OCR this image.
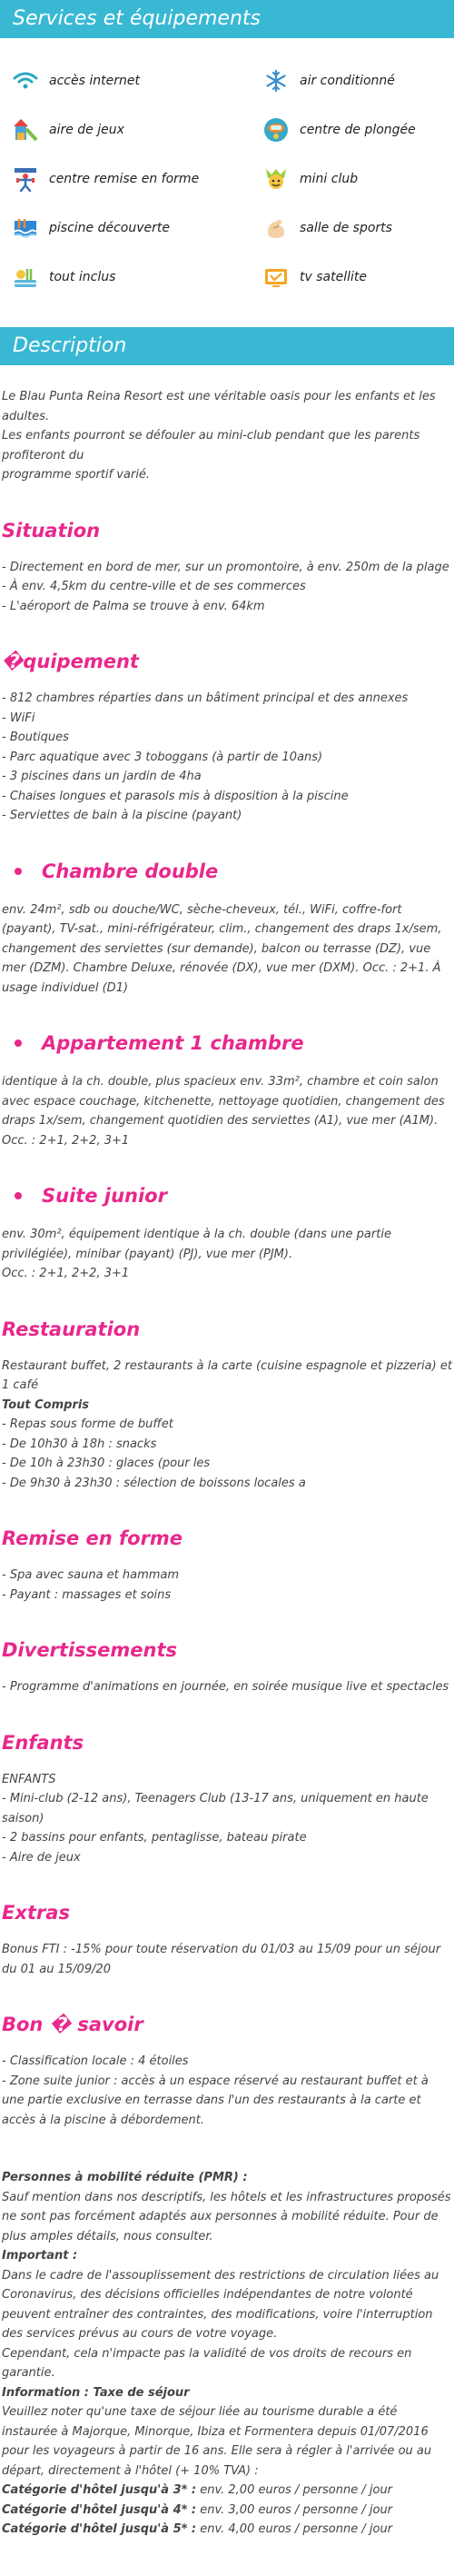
Services et équipements
accès internet	air conditionné
aire de jeux	centre de plongée
centre remise en forme	mini club
piscine découverte	salle de sports
tout inclus	tv satellite
Description

Le Blau Punta Reina Resort est une véritable oasis pour les enfants et les adultes.

Les enfants pourront se défouler au mini-club pendant que les parents profiteront du

programme sportif varié.

Situation

- Directement en bord de mer, sur un promontoire, à env. 250m de la plage

- À env. 4,5km du centre-ville et de ses commerces

- L'aéroport de Palma se trouve à env. 64km

�quipement

- 812 chambres réparties dans un bâtiment principal et des annexes

- WiFi

- Boutiques

- Parc aquatique avec 3 toboggans (à partir de 10ans)

- 3 piscines dans un jardin de 4ha

- Chaises longues et parasols mis à disposition à la piscine

- Serviettes de bain à la piscine (payant)

Chambre double

env. 24m², sdb ou douche/WC, sèche-cheveux, tél., WiFi, coffre-fort (payant), TV-sat., mini-réfrigérateur, clim., changement des draps 1x/sem, changement des serviettes (sur demande), balcon ou terrasse (DZ), vue mer (DZM). Chambre Deluxe, rénovée (DX), vue mer (DXM). Occ. : 2+1. À usage individuel (D1)

Appartement 1 chambre

identique à la ch. double, plus spacieux env. 33m², chambre et coin salon avec espace couchage, kitchenette, nettoyage quotidien, changement des draps 1x/sem, changement quotidien des serviettes (A1), vue mer (A1M).

Occ. : 2+1, 2+2, 3+1

Suite junior

env. 30m², équipement identique à la ch. double (dans une partie privilégiée), minibar (payant) (PJ), vue mer (PJM).

Occ. : 2+1, 2+2, 3+1

Restauration

Restaurant buffet, 2 restaurants à la carte (cuisine espagnole et pizzeria) et 1 café

Tout Compris

- Repas sous forme de buffet

- De 10h30 à 18h : snacks

- De 10h à 23h30 : glaces (pour les

- De 9h30 à 23h30 : sélection de boissons locales a

Remise en forme

- Spa avec sauna et hammam

- Payant : massages et soins

Divertissements

- Programme d'animations en journée, en soirée musique live et spectacles

Enfants

ENFANTS

- Mini-club (2-12 ans), Teenagers Club (13-17 ans, uniquement en haute saison)

- 2 bassins pour enfants, pentaglisse, bateau pirate

- Aire de jeux

Extras

Bonus FTI : -15% pour toute réservation du 01/03 au 15/09 pour un séjour du 01 au 15/09/20

Bon � savoir

- Classification locale : 4 étoiles

- Zone suite junior : accès à un espace réservé au restaurant buffet et à une partie exclusive en terrasse dans l'un des restaurants à la carte et accès à la piscine à débordement.

Personnes à mobilité réduite (PMR) :

Sauf mention dans nos descriptifs, les hôtels et les infrastructures proposés ne sont pas forcément adaptés aux personnes à mobilité réduite. Pour de plus amples détails, nous consulter.

Important :

Dans le cadre de l'assouplissement des restrictions de circulation liées au Coronavirus, des décisions officielles indépendantes de notre volonté peuvent entraîner des contraintes, des modifications, voire l'interruption des services prévus au cours de votre voyage.

Cependant, cela n'impacte pas la validité de vos droits de recours en garantie.

Information : Taxe de séjour

Veuillez noter qu'une taxe de séjour liée au tourisme durable a été instaurée à Majorque, Minorque, Ibiza et Formentera depuis 01/07/2016 pour les voyageurs à partir de 16 ans. Elle sera à régler à l'arrivée ou au départ, directement à l'hôtel (+ 10% TVA) :

Catégorie d'hôtel jusqu'à 3* : env. 2,00 euros / personne / jour

Catégorie d'hôtel jusqu'à 4* : env. 3,00 euros / personne / jour

Catégorie d'hôtel jusqu'à 5* : env. 4,00 euros / personne / jour
